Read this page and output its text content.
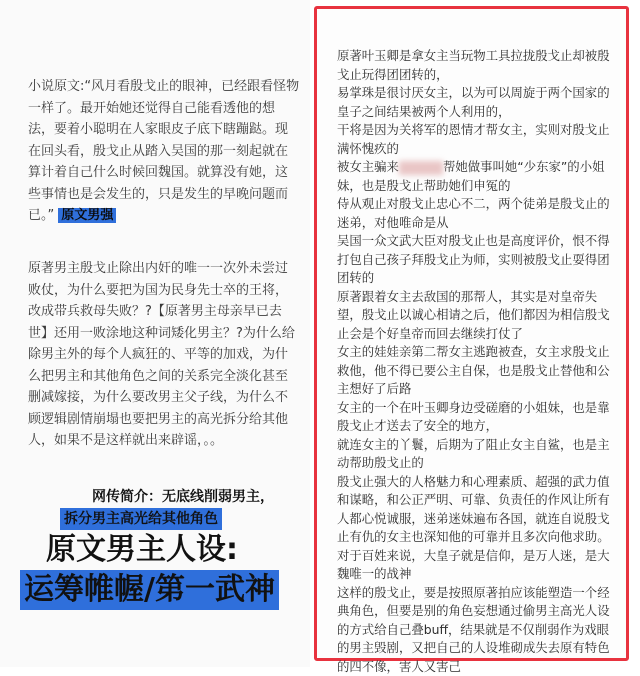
小说原文:“风月看殷戈止的眼神，已经跟看怪物一样了。最开始她还觉得自己能看透他的想法，要着小聪明在人家眼皮子底下瞎蹦跶。现在回头看，殷戈止从踏入吴国的那一刻起就在算计着自己什么时候回魏国。就算没有她，这些事情也是会发生的，只是发生的早晚问题而已。” 原文男强
原著男主殷戈止除出内奸的唯一一次外未尝过败仗，为什么要把为国为民身先士卒的王将，改成带兵救母失败？?【原著男主母亲早已去世】还用一败涂地这种词矮化男主？?为什么给除男主外的每个人疯狂的、平等的加戏，为什么把男主和其他角色之间的关系完全淡化甚至删减嫁接，为什么要改男主父子线，为什么不顾逻辑剧情崩塌也要把男主的高光拆分给其他人，如果不是这样就出来辟谣，。。
网传简介：无底线削弱男主，
拆分男主高光给其他角色
原文男主人设:
运筹帷幄/第一武神

原著叶玉卿是拿女主当玩物工具拉拢殷戈止却被殷戈止玩得团团转的，

易掌珠是很讨厌女主，以为可以周旋于两个国家的皇子之间结果被两个人利用的，

干将是因为关将军的恩情才帮女主，实则对殷戈止满怀愧疚的

被女主骗来	帮她做事叫她“少东家”的小姐妹，也是殷戈止帮助她们申冤的

侍从观止对殷戈止忠心不二，两个徒弟是殷戈止的迷弟，对他唯命是从

吴国一众文武大臣对殷戈止也是高度评价，恨不得打包自己孩子拜殷戈止为师，实则被殷戈止耍得团团转的

原著跟着女主去敌国的那帮人，其实是对皇帝失望，殷戈止以诚心相请之后，他们都因为相信殷戈止会是个好皇帝而回去继续打仗了

女主的娃娃亲第二帮女主逃跑被查，女主求殷戈止救他，他不得已要公主自保，也是殷戈止替他和公主想好了后路

女主的一个在叶玉卿身边受磋磨的小姐妹，也是靠殷戈止才送去了安全的地方，

就连女主的丫鬟，后期为了阻止女主自鲨，也是主动帮助殷戈止的

殷戈止强大的人格魅力和心理素质、超强的武力值和谋略，和公正严明、可靠、负责任的作风让所有人都心悦诚服，迷弟迷妹遍布各国，就连自说殷戈止有仇的女主也深知他的可靠并且多次向他求助。

对于百姓来说，大皇子就是信仰，是万人迷，是大魏唯一的战神

这样的殷戈止，要是按照原著拍应该能塑造一个经典角色，但要是别的角色妄想通过偷男主高光人设的方式给自己叠buff，结果就是不仅削弱作为戏眼的男主毁剧，又把自己的人设堆砌成失去原有特色的四不像，害人又害己
